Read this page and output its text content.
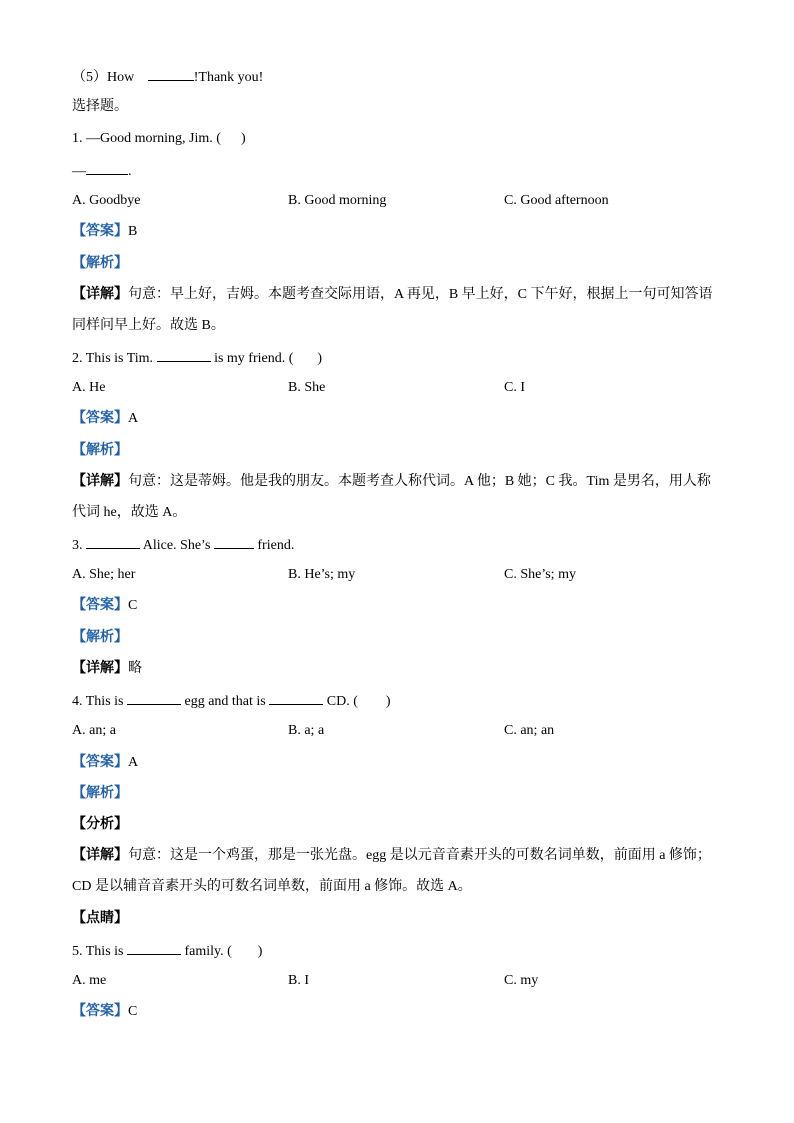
（5）How	!Thank you!
选择题。
1. —Good morning, Jim. ( )
—	.
A. Goodbye	B. Good morning	C. Good afternoon
【答案】B
【解析】
【详解】句意：早上好，吉姆。本题考查交际用语，A 再见，B 早上好，C 下午好，根据上一句可知答语
同样问早上好。故选 B。
2. This is Tim.	is my friend. ( )
A. He	B. She	C. I
【答案】A
【解析】
【详解】句意：这是蒂姆。他是我的朋友。本题考查人称代词。A 他；B 她；C 我。Tim 是男名，用人称
代词 he，故选 A。
3.	Alice. She’s	friend.
A. She; her	B. He’s; my	C. She’s; my
【答案】C
【解析】
【详解】略
4. This is	egg and that is	CD. ( )
A. an; a	B. a; a	C. an; an
【答案】A
【解析】
【分析】
【详解】句意：这是一个鸡蛋，那是一张光盘。egg 是以元音音素开头的可数名词单数，前面用 a 修饰；
CD 是以辅音音素开头的可数名词单数，前面用 a 修饰。故选 A。
【点睛】
5. This is	family. ( )
A. me	B. I	C. my
【答案】C
